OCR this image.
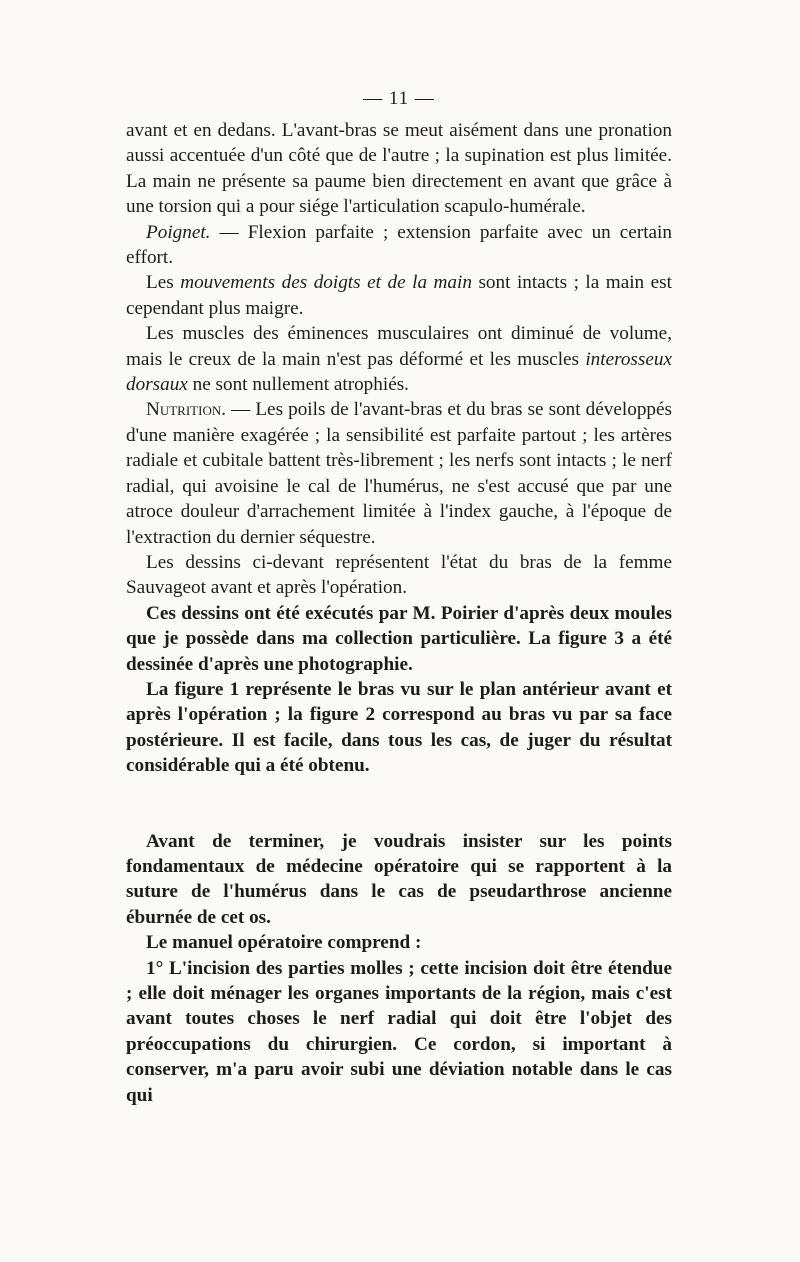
— 11 —

avant et en dedans. L'avant-bras se meut aisément dans une pronation aussi accentuée d'un côté que de l'autre ; la supination est plus limitée. La main ne présente sa paume bien directement en avant que grâce à une torsion qui a pour siége l'articulation scapulo-humérale.

Poignet. — Flexion parfaite ; extension parfaite avec un certain effort.

Les mouvements des doigts et de la main sont intacts ; la main est cependant plus maigre.

Les muscles des éminences musculaires ont diminué de volume, mais le creux de la main n'est pas déformé et les muscles interosseux dorsaux ne sont nullement atrophiés.

Nutrition. — Les poils de l'avant-bras et du bras se sont développés d'une manière exagérée ; la sensibilité est parfaite partout ; les artères radiale et cubitale battent très-librement ; les nerfs sont intacts ; le nerf radial, qui avoisine le cal de l'humérus, ne s'est accusé que par une atroce douleur d'arrachement limitée à l'index gauche, à l'époque de l'extraction du dernier séquestre.

Les dessins ci-devant représentent l'état du bras de la femme Sauvageot avant et après l'opération.

Ces dessins ont été exécutés par M. Poirier d'après deux moules que je possède dans ma collection particulière. La figure 3 a été dessinée d'après une photographie.

La figure 1 représente le bras vu sur le plan antérieur avant et après l'opération ; la figure 2 correspond au bras vu par sa face postérieure. Il est facile, dans tous les cas, de juger du résultat considérable qui a été obtenu.

Avant de terminer, je voudrais insister sur les points fondamentaux de médecine opératoire qui se rapportent à la suture de l'humérus dans le cas de pseudarthrose ancienne éburnée de cet os.

Le manuel opératoire comprend :

1° L'incision des parties molles ; cette incision doit être étendue ; elle doit ménager les organes importants de la région, mais c'est avant toutes choses le nerf radial qui doit être l'objet des préoccupations du chirurgien. Ce cordon, si important à conserver, m'a paru avoir subi une déviation notable dans le cas qui
